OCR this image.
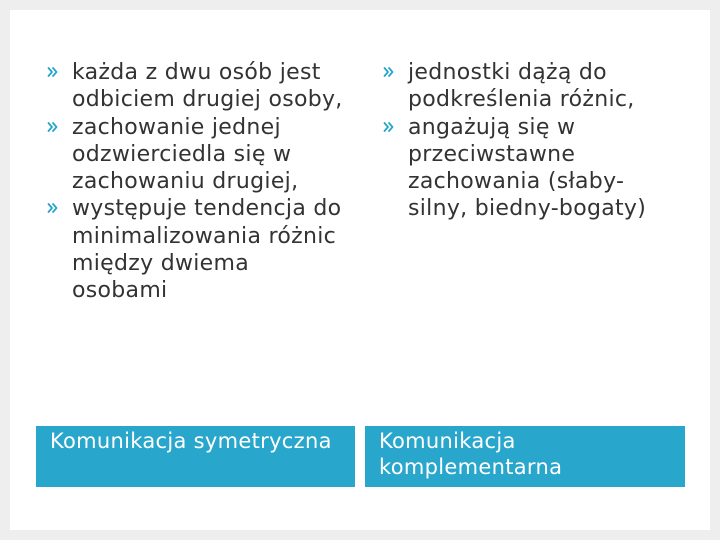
każda z dwu osób jest odbiciem drugiej osoby,
zachowanie jednej odzwierciedla się w zachowaniu drugiej,
występuje tendencja do minimalizowania różnic między dwiema osobami
jednostki dążą do podkreślenia różnic,
angażują się w przeciwstawne zachowania (słaby-silny, biedny-bogaty)
Komunikacja symetryczna	Komunikacja komplementarna
